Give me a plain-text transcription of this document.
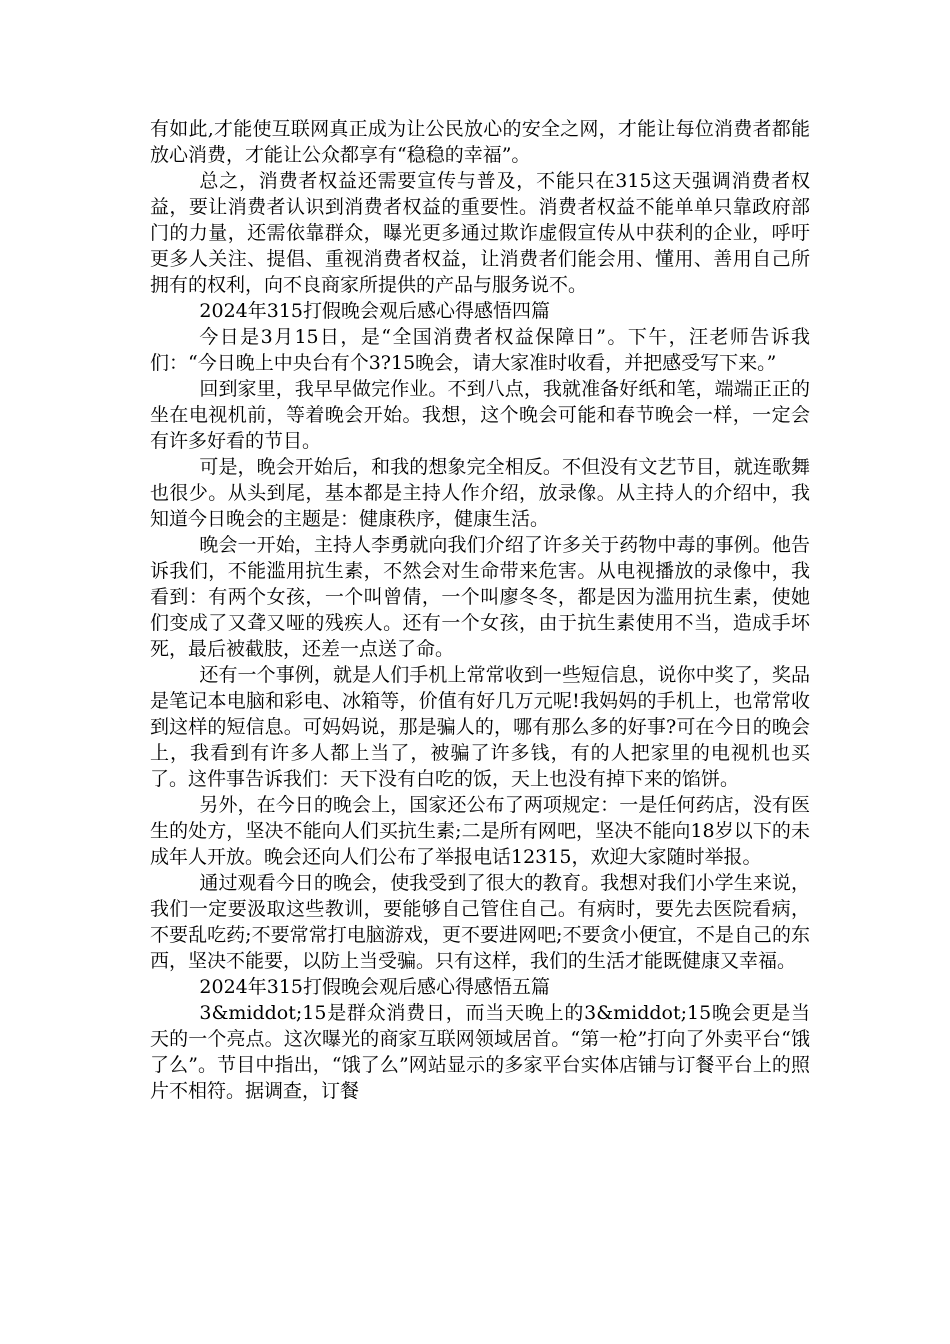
有如此,才能使互联网真正成为让公民放心的安全之网，才能让每位消费者都能放心消费，才能让公众都享有“稳稳的幸福”。

总之，消费者权益还需要宣传与普及，不能只在315这天强调消费者权益，要让消费者认识到消费者权益的重要性。消费者权益不能单单只靠政府部门的力量，还需依靠群众，曝光更多通过欺诈虚假宣传从中获利的企业，呼吁更多人关注、提倡、重视消费者权益，让消费者们能会用、懂用、善用自己所拥有的权利，向不良商家所提供的产品与服务说不。

2024年315打假晚会观后感心得感悟四篇

今日是3月15日，是“全国消费者权益保障日”。下午，汪老师告诉我们：“今日晚上中央台有个3?15晚会，请大家准时收看，并把感受写下来。”

回到家里，我早早做完作业。不到八点，我就准备好纸和笔，端端正正的坐在电视机前，等着晚会开始。我想，这个晚会可能和春节晚会一样，一定会有许多好看的节目。

可是，晚会开始后，和我的想象完全相反。不但没有文艺节目，就连歌舞也很少。从头到尾，基本都是主持人作介绍，放录像。从主持人的介绍中，我知道今日晚会的主题是：健康秩序，健康生活。

晚会一开始，主持人李勇就向我们介绍了许多关于药物中毒的事例。他告诉我们，不能滥用抗生素，不然会对生命带来危害。从电视播放的录像中，我看到：有两个女孩，一个叫曾倩，一个叫廖冬冬，都是因为滥用抗生素，使她们变成了又聋又哑的残疾人。还有一个女孩，由于抗生素使用不当，造成手坏死，最后被截肢，还差一点送了命。

还有一个事例，就是人们手机上常常收到一些短信息，说你中奖了，奖品是笔记本电脑和彩电、冰箱等，价值有好几万元呢!我妈妈的手机上，也常常收到这样的短信息。可妈妈说，那是骗人的，哪有那么多的好事?可在今日的晚会上，我看到有许多人都上当了，被骗了许多钱，有的人把家里的电视机也买了。这件事告诉我们：天下没有白吃的饭，天上也没有掉下来的馅饼。

另外，在今日的晚会上，国家还公布了两项规定：一是任何药店，没有医生的处方，坚决不能向人们买抗生素;二是所有网吧，坚决不能向18岁以下的未成年人开放。晚会还向人们公布了举报电话12315，欢迎大家随时举报。

通过观看今日的晚会，使我受到了很大的教育。我想对我们小学生来说，我们一定要汲取这些教训，要能够自己管住自己。有病时，要先去医院看病，不要乱吃药;不要常常打电脑游戏，更不要进网吧;不要贪小便宜，不是自己的东西，坚决不能要，以防上当受骗。只有这样，我们的生活才能既健康又幸福。

2024年315打假晚会观后感心得感悟五篇

3&middot;15是群众消费日，而当天晚上的3&middot;15晚会更是当天的一个亮点。这次曝光的商家互联网领域居首。“第一枪”打向了外卖平台“饿了么”。节目中指出，“饿了么”网站显示的多家平台实体店铺与订餐平台上的照片不相符。据调查，订餐
